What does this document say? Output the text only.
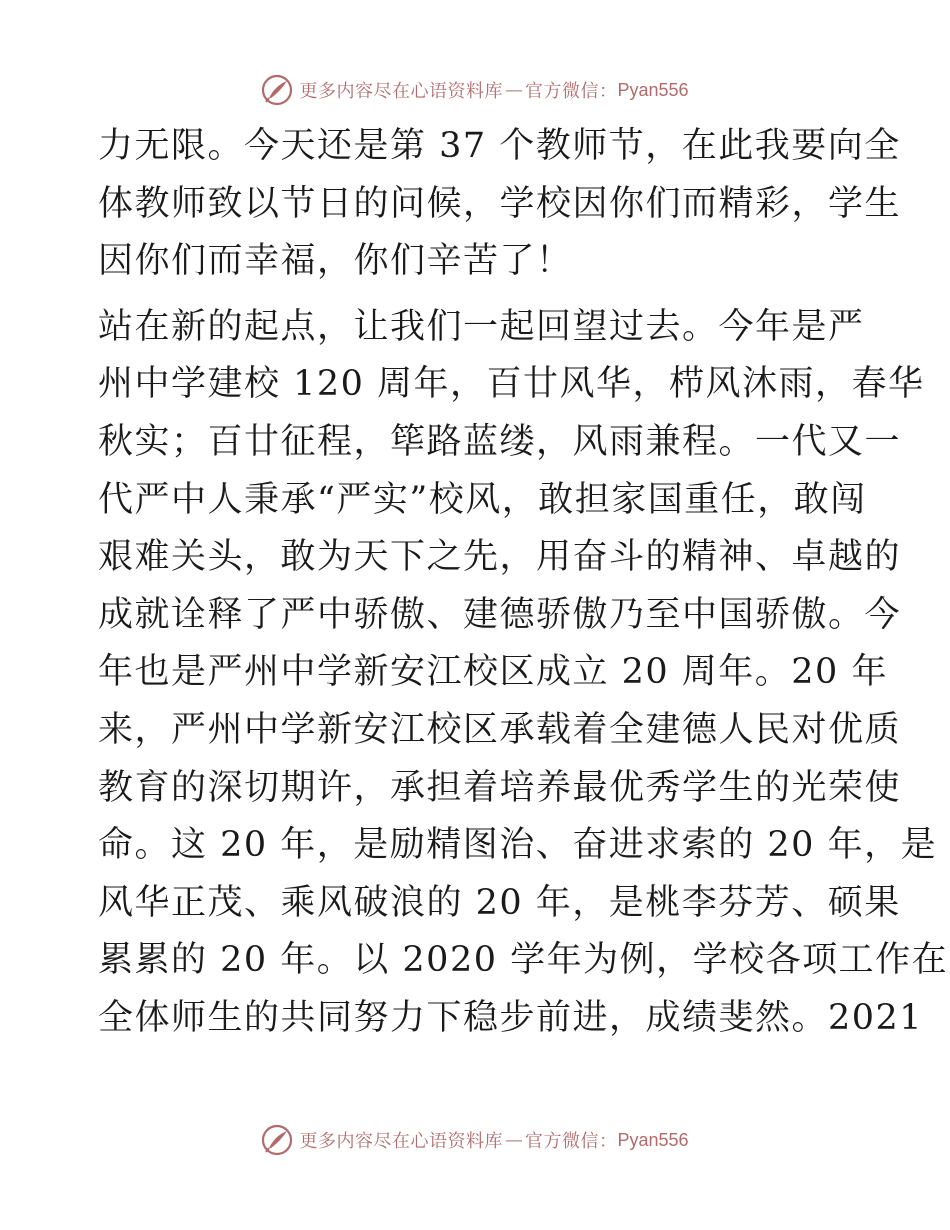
更多内容尽在心语资料库 — 官方微信： Pyan556
力无限。今天还是第 37 个教师节，在此我要向全
体教师致以节日的问候，学校因你们而精彩，学生
因你们而幸福，你们辛苦了！
站在新的起点，让我们一起回望过去。今年是严
州中学建校 120 周年，百廿风华，栉风沐雨，春华
秋实；百廿征程，筚路蓝缕，风雨兼程。一代又一
代严中人秉承“严实”校风，敢担家国重任，敢闯
艰难关头，敢为天下之先，用奋斗的精神、卓越的
成就诠释了严中骄傲、建德骄傲乃至中国骄傲。今
年也是严州中学新安江校区成立 20 周年。20 年
来，严州中学新安江校区承载着全建德人民对优质
教育的深切期许，承担着培养最优秀学生的光荣使
命。这 20 年，是励精图治、奋进求索的 20 年，是
风华正茂、乘风破浪的 20 年，是桃李芬芳、硕果
累累的 20 年。以 2020 学年为例，学校各项工作在
全体师生的共同努力下稳步前进，成绩斐然。2021
更多内容尽在心语资料库 — 官方微信： Pyan556
